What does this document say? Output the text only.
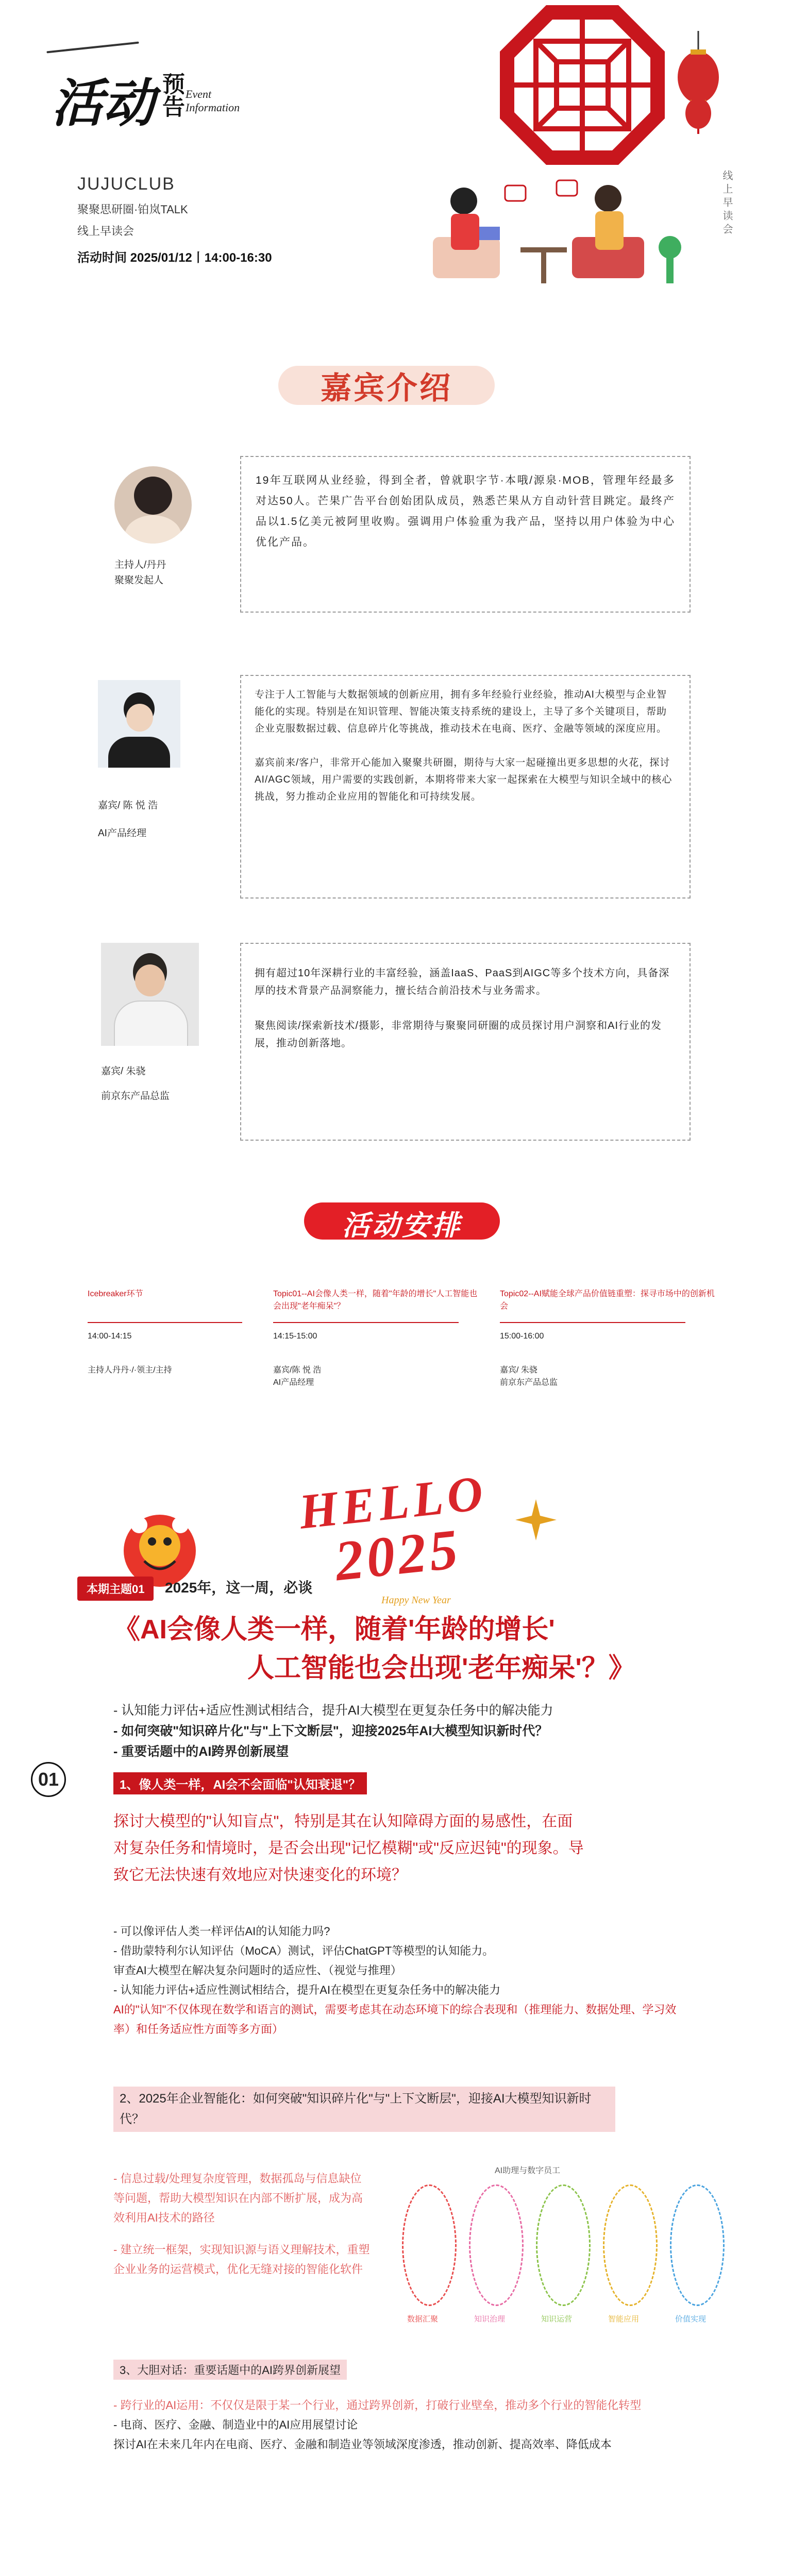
活动 预告 Event
Information
JUJUCLUB
聚聚思研圈·铂岚TALK
线上早读会
活动时间 2025/01/12丨14:00-16:30
线上早读会
嘉宾介绍
主持人/丹丹
聚聚发起人
19年互联网从业经验，得到全者，曾就职字节·本哦/源泉·MOB，管理年经最多对达50人。芒果广告平台创始团队成员，熟悉芒果从方自动针营目跳定。最终产品以1.5亿美元被阿里收购。强调用户体验重为我产品，坚持以用户体验为中心优化产品。
嘉宾/ 陈 悦 浩
AI产品经理
专注于人工智能与大数据领域的创新应用，拥有多年经验行业经验，推动AI大模型与企业智能化的实现。特别是在知识管理、智能决策支持系统的建设上，主导了多个关键项目，帮助企业克服数据过载、信息碎片化等挑战，推动技术在电商、医疗、金融等领域的深度应用。

嘉宾前来/客户，非常开心能加入聚聚共研圈，期待与大家一起碰撞出更多思想的火花，探讨AI/AGC领域，用户需要的实践创新，本期将带来大家一起探索在大模型与知识全域中的核心挑战，努力推动企业应用的智能化和可持续发展。
嘉宾/ 朱骁
前京东产品总监
拥有超过10年深耕行业的丰富经验，涵盖IaaS、PaaS到AIGC等多个技术方向，具备深厚的技术背景产品洞察能力，擅长结合前沿技术与业务需求。

聚焦阅读/探索新技术/摄影，非常期待与聚聚同研圈的成员探讨用户洞察和AI行业的发展，推动创新落地。
活动安排
Icebreaker环节
14:00-14:15
主持人丹丹·/·领主/主持
Topic01--AI会像人类一样，随着"年龄的增长"人工智能也会出现"老年痴呆"？
14:15-15:00
嘉宾/陈 悦 浩
AI产品经理
Topic02--AI赋能全球产品价值链重塑：探寻市场中的创新机会
15:00-16:00
嘉宾/ 朱骁
前京东产品总监
HELLO
2025
Happy New Year
本期主题01	2025年，这一周，必谈
《AI会像人类一样，随着'年龄的增长'
人工智能也会出现'老年痴呆'？》
- 认知能力评估+适应性测试相结合，提升AI大模型在更复杂任务中的解决能力
- 如何突破"知识碎片化"与"上下文断层"，迎接2025年AI大模型知识新时代？
- 重要话题中的AI跨界创新展望
01	1、像人类一样，AI会不会面临"认知衰退"？
探讨大模型的"认知盲点"，特别是其在认知障碍方面的易感性，在面对复杂任务和情境时，是否会出现"记忆模糊"或"反应迟钝"的现象。导致它无法快速有效地应对快速变化的环境？
- 可以像评估人类一样评估AI的认知能力吗?
- 借助蒙特利尔认知评估（MoCA）测试，评估ChatGPT等模型的认知能力。
审查AI大模型在解决复杂问题时的适应性、（视觉与推理）
- 认知能力评估+适应性测试相结合，提升AI在模型在更复杂任务中的解决能力
AI的"认知"不仅体现在数学和语言的测试，需要考虑其在动态环境下的综合表现和（推理能力、数据处理、学习效率）和任务适应性方面等多方面）
2、2025年企业智能化：如何突破"知识碎片化"与"上下文断层"，迎接AI大模型知识新时代？
- 信息过载/处理复杂度管理，数据孤岛与信息缺位等问题，帮助大模型知识在内部不断扩展，成为高效利用AI技术的路径
- 建立统一框架，实现知识源与语义理解技术，重塑企业业务的运营模式，优化无缝对接的智能化软件
AI助理与数字员工
数据汇聚	知识治理	知识运营	智能应用	价值实现
3、大胆对话：重要话题中的AI跨界创新展望
- 跨行业的AI运用：不仅仅是限于某一个行业，通过跨界创新，打破行业壁垒，推动多个行业的智能化转型
- 电商、医疗、金融、制造业中的AI应用展望讨论
探讨AI在未来几年内在电商、医疗、金融和制造业等领域深度渗透，推动创新、提高效率、降低成本
